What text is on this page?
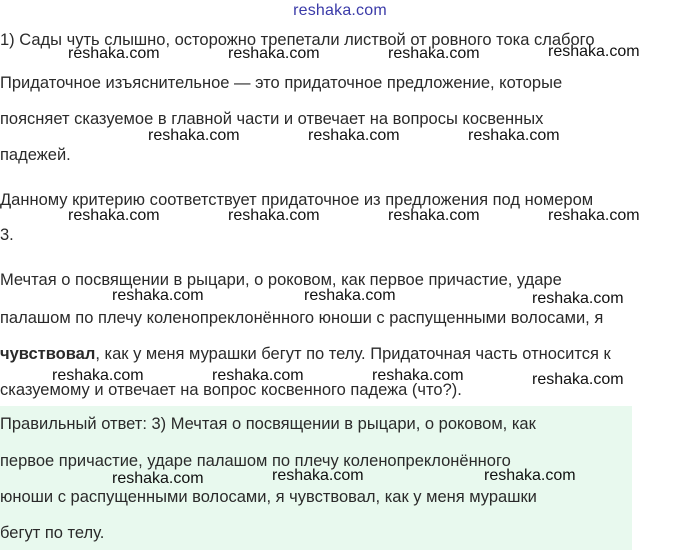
reshaka.com
1) Сады чуть слышно, осторожно трепетали листвой от ровного тока слабого
Придаточное изъяснительное — это придаточное предложение, которые
поясняет сказуемое в главной части и отвечает на вопросы косвенных
падежей.
Данному критерию соответствует придаточное из предложения под номером
3.
Мечтая о посвящении в рыцари, о роковом, как первое причастие, ударе
палашом по плечу коленопреклонённого юноши с распущенными волосами, я
чувствовал, как у меня мурашки бегут по телу. Придаточная часть относится к
сказуемому и отвечает на вопрос косвенного падежа (что?).
Правильный ответ: 3) Мечтая о посвящении в рыцари, о роковом, как
первое причастие, ударе палашом по плечу коленопреклонённого
юноши с распущенными волосами, я чувствовал, как у меня мурашки
бегут по телу.
reshaka.com	reshaka.com	reshaka.com	reshaka.com
reshaka.com	reshaka.com	reshaka.com
reshaka.com	reshaka.com	reshaka.com	reshaka.com
reshaka.com	reshaka.com	reshaka.com
reshaka.com	reshaka.com	reshaka.com	reshaka.com
reshaka.com	reshaka.com	reshaka.com
